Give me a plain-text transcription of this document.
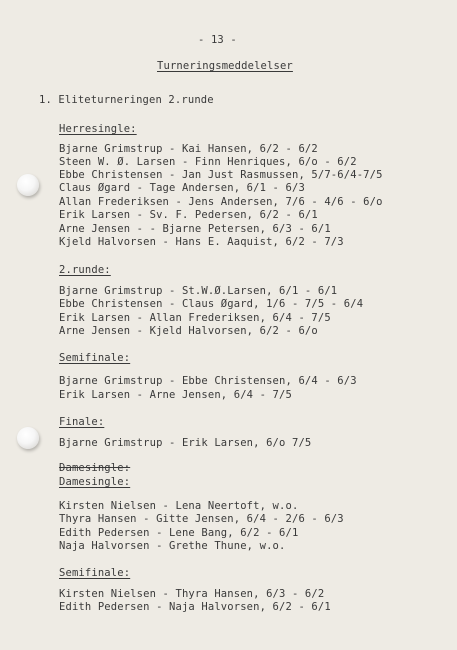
- 13 -
Turneringsmeddelelser
1. Eliteturneringen 2.runde
Herresingle:
Bjarne Grimstrup - Kai Hansen, 6/2 - 6/2
Steen W. Ø. Larsen - Finn Henriques, 6/o - 6/2
Ebbe Christensen - Jan Just Rasmussen, 5/7-6/4-7/5
Claus Øgard - Tage Andersen, 6/1 - 6/3
Allan Frederiksen - Jens Andersen, 7/6 - 4/6 - 6/o
Erik Larsen - Sv. F. Pedersen, 6/2 - 6/1
Arne Jensen - - Bjarne Petersen, 6/3 - 6/1
Kjeld Halvorsen - Hans E. Aaquist, 6/2 - 7/3
2.runde:
Bjarne Grimstrup - St.W.Ø.Larsen, 6/1 - 6/1
Ebbe Christensen - Claus Øgard, 1/6 - 7/5 - 6/4
Erik Larsen - Allan Frederiksen, 6/4 - 7/5
Arne Jensen - Kjeld Halvorsen, 6/2 - 6/o
Semifinale:
Bjarne Grimstrup - Ebbe Christensen, 6/4 - 6/3
Erik Larsen - Arne Jensen, 6/4 - 7/5
Finale:
Bjarne Grimstrup - Erik Larsen, 6/o 7/5
Damesingle:
Damesingle:
Kirsten Nielsen - Lena Neertoft, w.o.
Thyra Hansen - Gitte Jensen, 6/4 - 2/6 - 6/3
Edith Pedersen - Lene Bang, 6/2 - 6/1
Naja Halvorsen - Grethe Thune, w.o.
Semifinale:
Kirsten Nielsen - Thyra Hansen, 6/3 - 6/2
Edith Pedersen - Naja Halvorsen, 6/2 - 6/1
